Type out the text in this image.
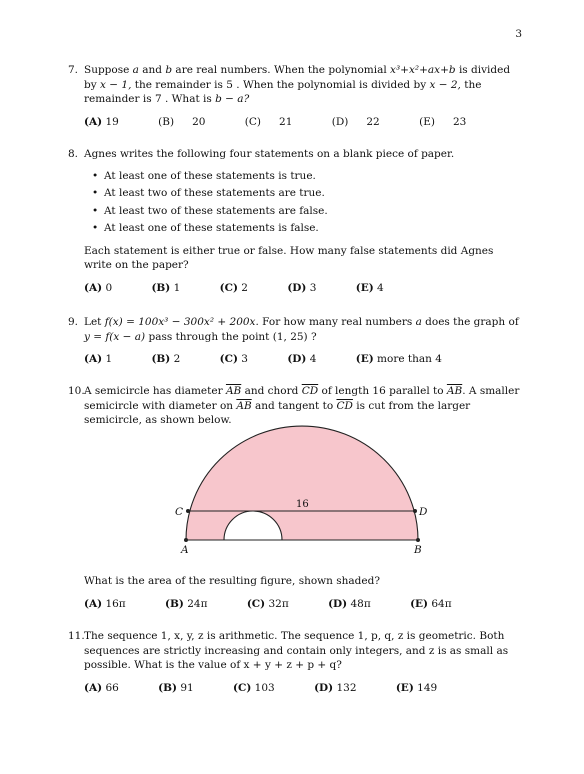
3
7. Suppose a and b are real numbers. When the polynomial x³+x²+ax+b is divided by x − 1, the remainder is 5 . When the polynomial is divided by x − 2, the remainder is 7 . What is b − a?
(A) 19	(B) 20	(C) 21	(D) 22	(E) 23
8. Agnes writes the following four statements on a blank piece of paper.
• At least one of these statements is true.
• At least two of these statements are true.
• At least two of these statements are false.
• At least one of these statements is false.
Each statement is either true or false. How many false statements did Agnes write on the paper?
(A) 0	(B) 1	(C) 2	(D) 3	(E) 4
9. Let f(x) = 100x³ − 300x² + 200x. For how many real numbers a does the graph of y = f(x − a) pass through the point (1, 25) ?
(A) 1	(B) 2	(C) 3	(D) 4	(E) more than 4
10. A semicircle has diameter $\overline{AB}$ and chord $\overline{CD}$ of length 16 parallel to $\overline{AB}$. A smaller semicircle with diameter on $\overline{AB}$ and tangent to $\overline{CD}$ is cut from the larger semicircle, as shown below.
16
C	D
A	B
What is the area of the resulting figure, shown shaded?
(A) 16π	(B) 24π	(C) 32π	(D) 48π	(E) 64π
11. The sequence 1, x, y, z is arithmetic. The sequence 1, p, q, z is geometric. Both sequences are strictly increasing and contain only integers, and z is as small as possible. What is the value of x + y + z + p + q?
(A) 66	(B) 91	(C) 103	(D) 132	(E) 149
